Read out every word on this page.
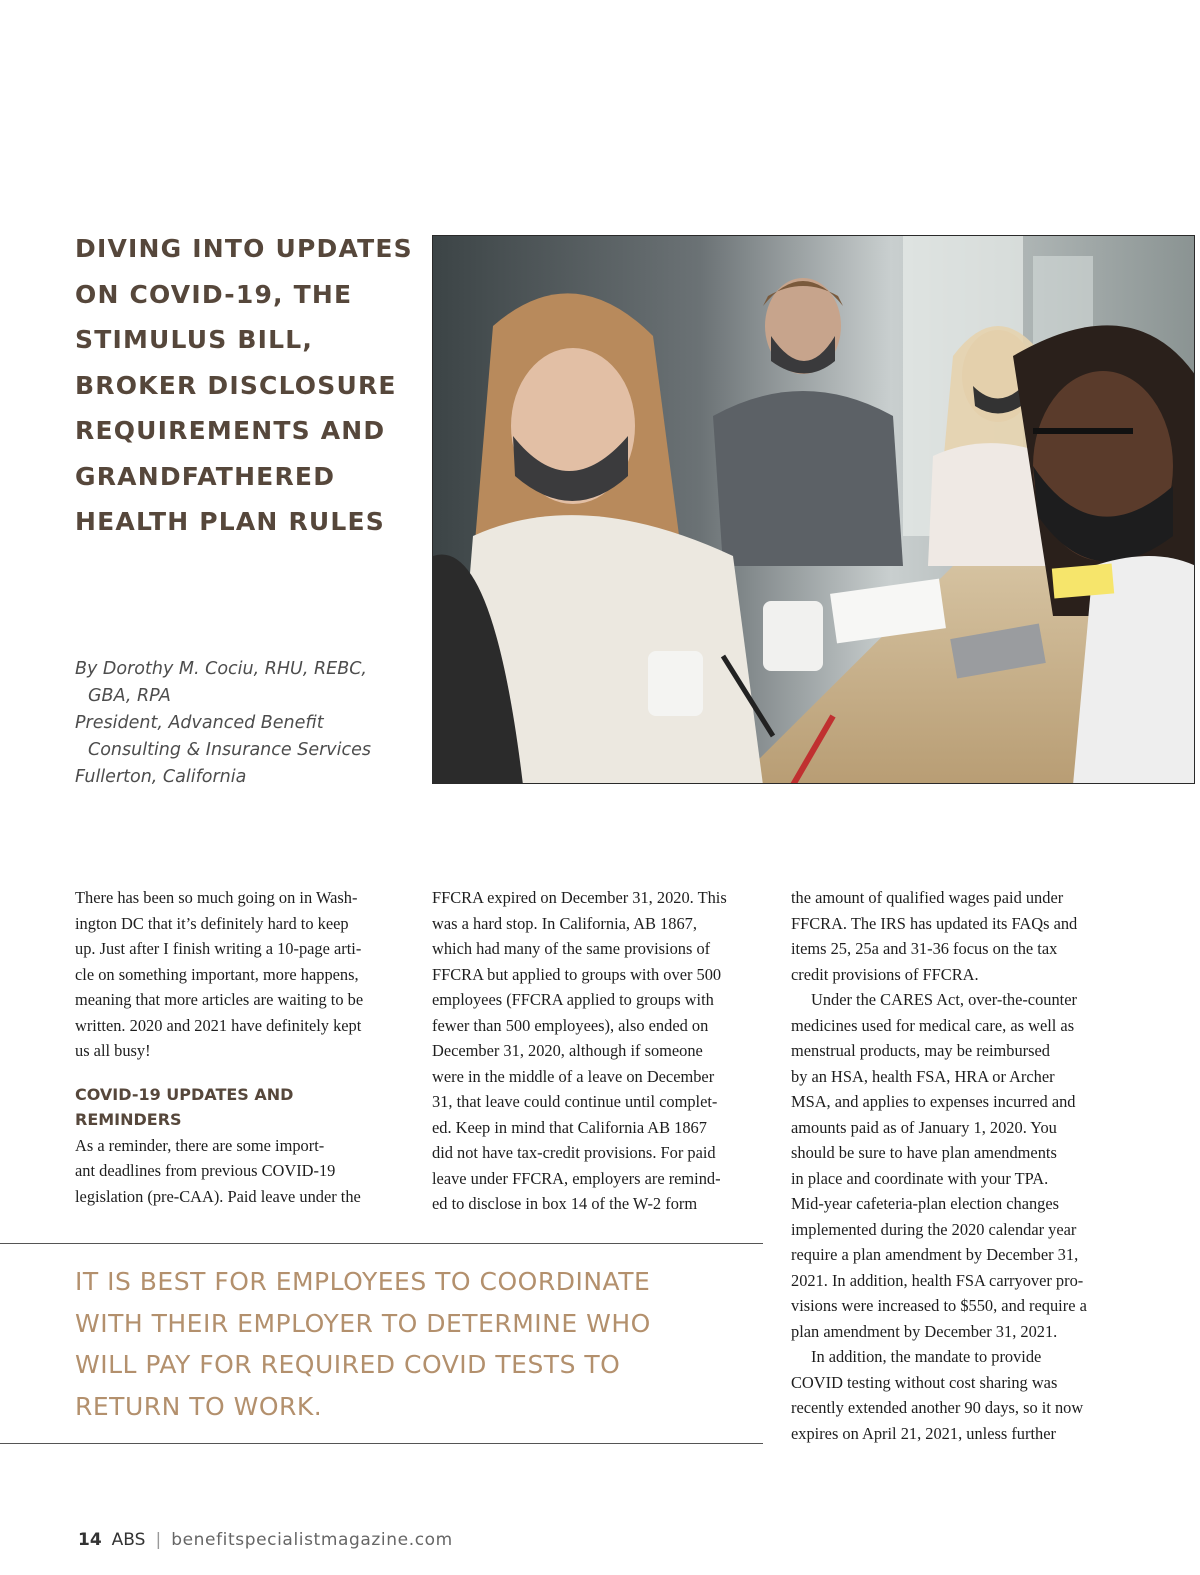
DIVING INTO UPDATES ON COVID-19, THE STIMULUS BILL, BROKER DISCLOSURE REQUIREMENTS AND GRANDFATHERED HEALTH PLAN RULES
By Dorothy M. Cociu, RHU, REBC,
GBA, RPA
President, Advanced Benefit
Consulting & Insurance Services
Fullerton, California

There has been so much going on in Wash-
ington DC that it’s definitely hard to keep
up. Just after I finish writing a 10-page arti-
cle on something important, more happens,
meaning that more articles are waiting to be
written. 2020 and 2021 have definitely kept
us all busy!

COVID-19 UPDATES AND REMINDERS

As a reminder, there are some import-
ant deadlines from previous COVID-19
legislation (pre-CAA). Paid leave under the

FFCRA expired on December 31, 2020. This
was a hard stop. In California, AB 1867,
which had many of the same provisions of
FFCRA but applied to groups with over 500
employees (FFCRA applied to groups with
fewer than 500 employees), also ended on
December 31, 2020, although if someone
were in the middle of a leave on December
31, that leave could continue until complet-
ed. Keep in mind that California AB 1867
did not have tax-credit provisions. For paid
leave under FFCRA, employers are remind-
ed to disclose in box 14 of the W-2 form

the amount of qualified wages paid under
FFCRA. The IRS has updated its FAQs and
items 25, 25a and 31-36 focus on the tax
credit provisions of FFCRA.

Under the CARES Act, over-the-counter
medicines used for medical care, as well as
menstrual products, may be reimbursed
by an HSA, health FSA, HRA or Archer
MSA, and applies to expenses incurred and
amounts paid as of January 1, 2020. You
should be sure to have plan amendments
in place and coordinate with your TPA.
Mid-year cafeteria-plan election changes
implemented during the 2020 calendar year
require a plan amendment by December 31,
2021. In addition, health FSA carryover pro-
visions were increased to $550, and require a
plan amendment by December 31, 2021.

In addition, the mandate to provide
COVID testing without cost sharing was
recently extended another 90 days, so it now
expires on April 21, 2021, unless further

IT IS BEST FOR EMPLOYEES TO COORDINATE
WITH THEIR EMPLOYER TO DETERMINE WHO
WILL PAY FOR REQUIRED COVID TESTS TO
RETURN TO WORK.
14 ABS | benefitspecialistmagazine.com
